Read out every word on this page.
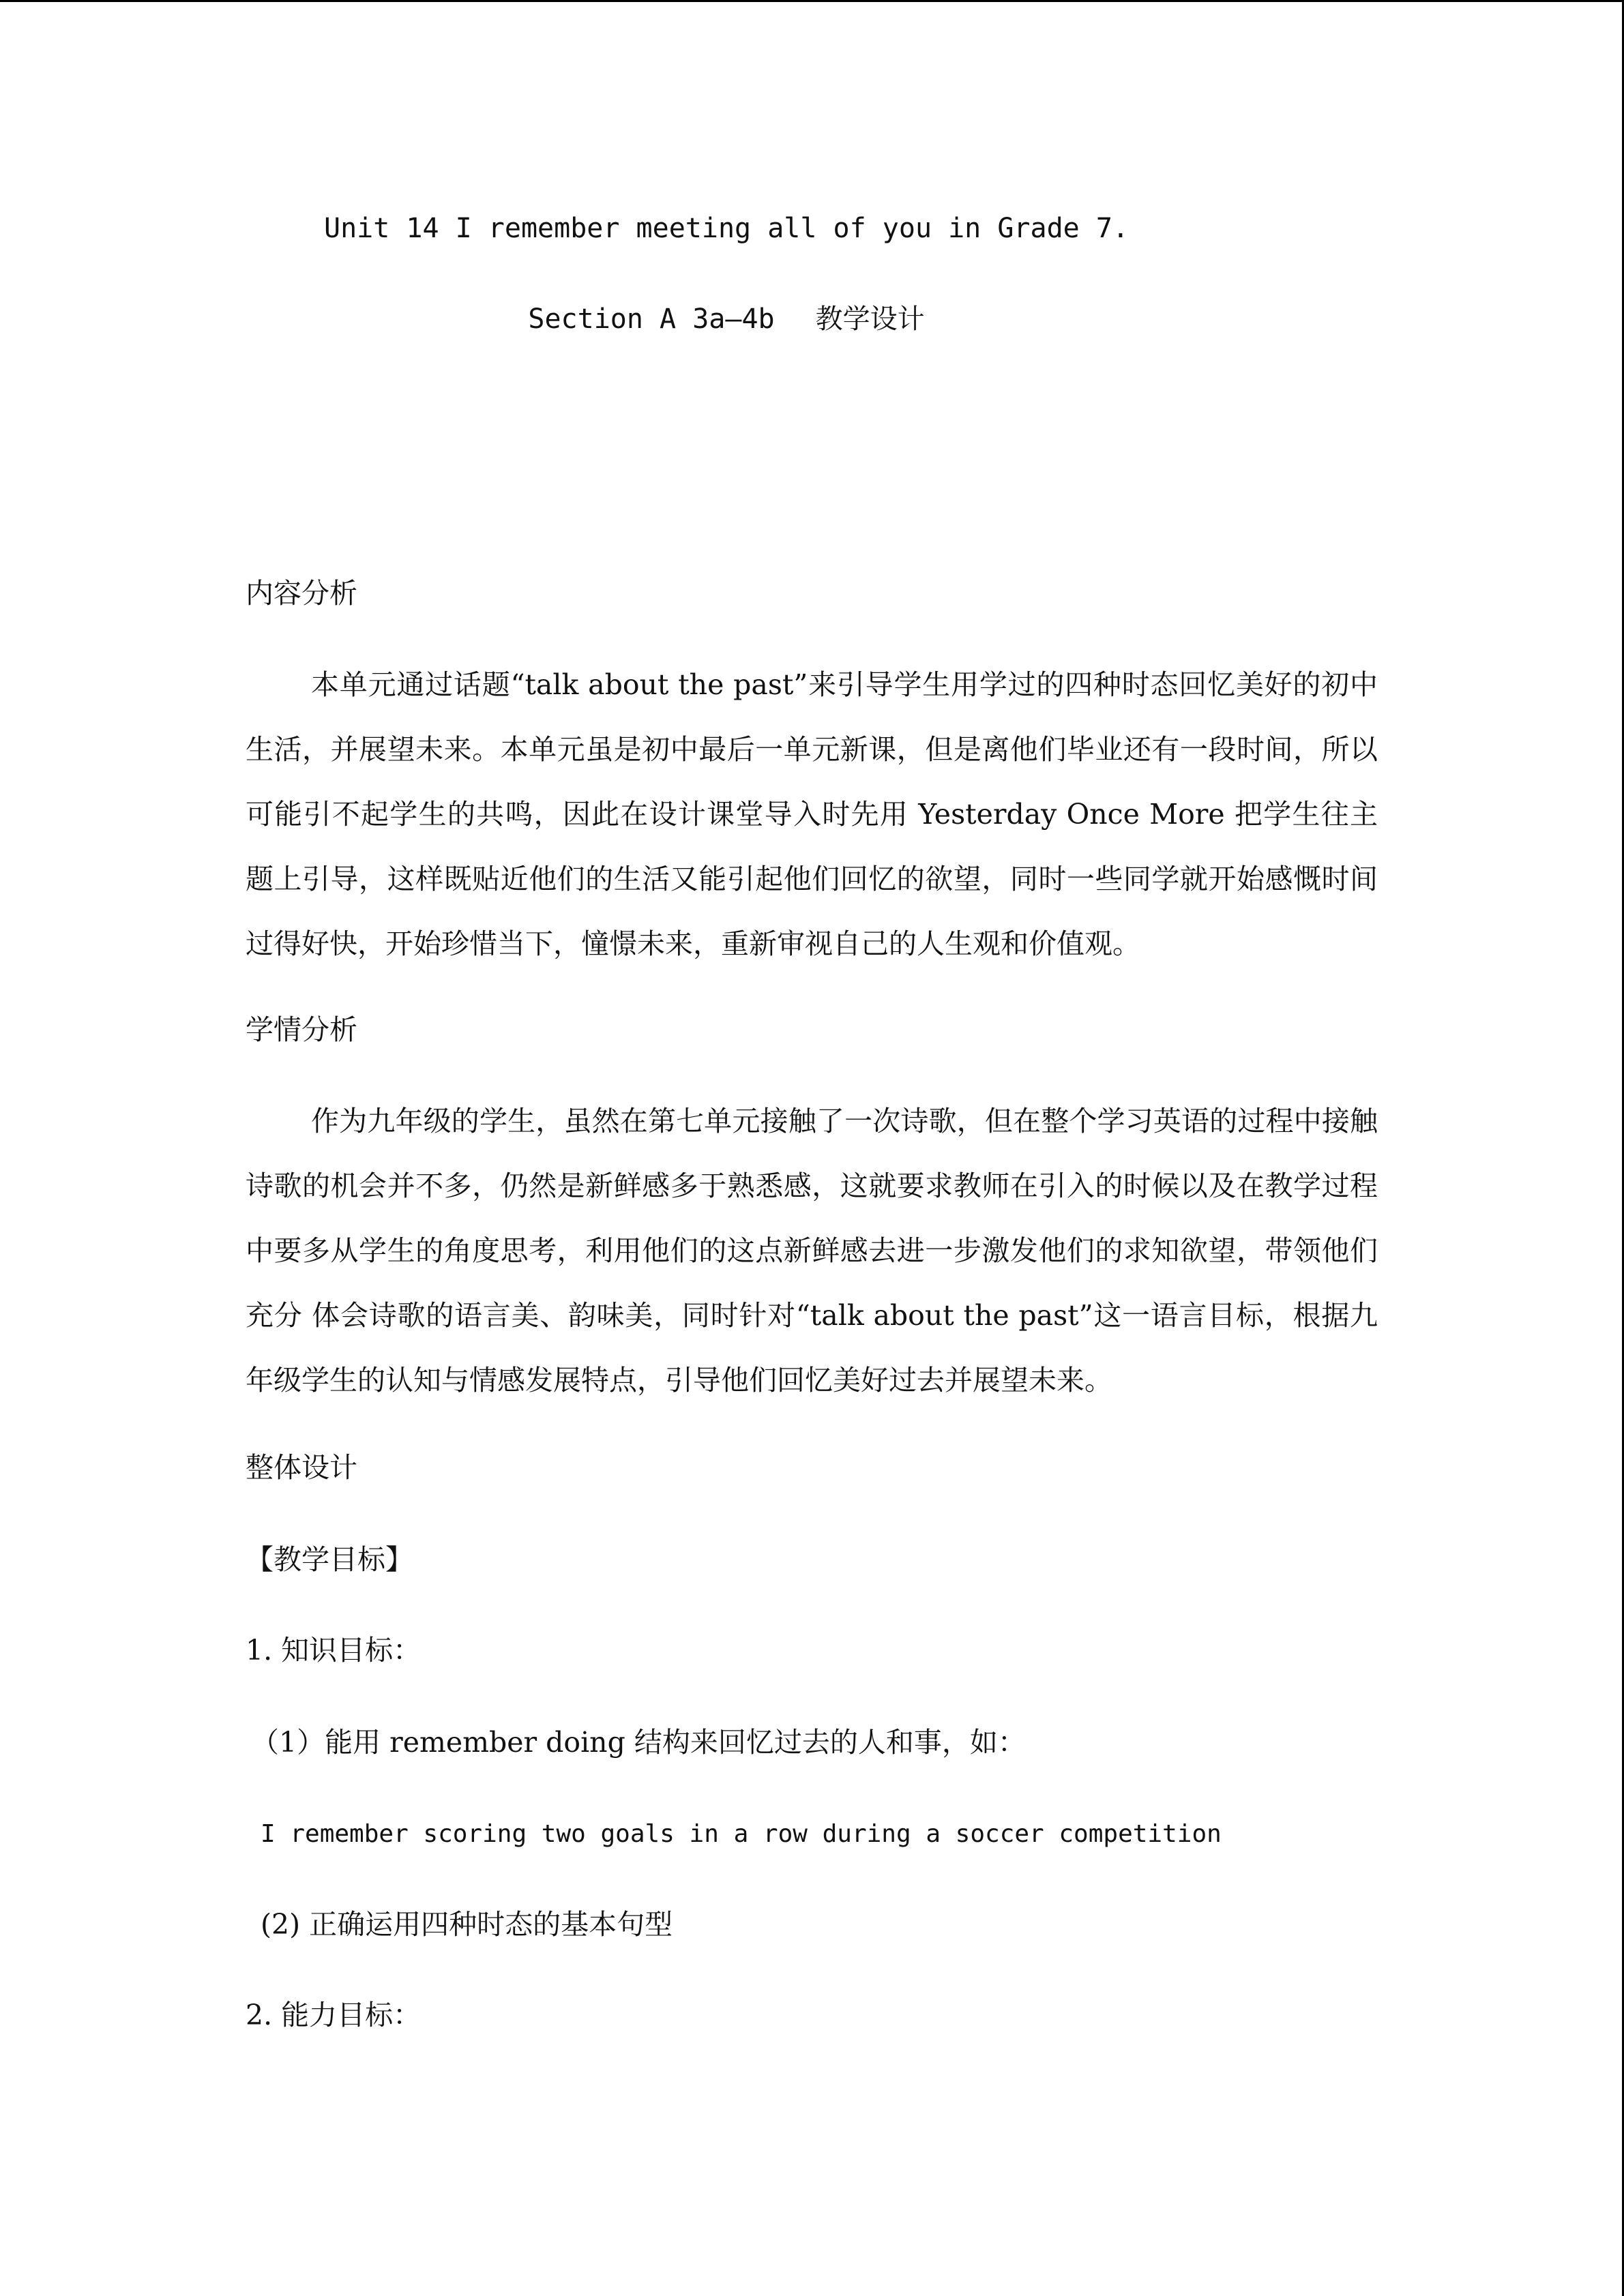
Unit 14 I remember meeting all of you in Grade 7.
Section A 3a–4b 教学设计
内容分析
本单元通过话题“talk about the past”来引导学生用学过的四种时态回忆美好的初中生活，并展望未来。本单元虽是初中最后一单元新课，但是离他们毕业还有一段时间，所以可能引不起学生的共鸣，因此在设计课堂导入时先用 Yesterday Once More 把学生往主题上引导，这样既贴近他们的生活又能引起他们回忆的欲望，同时一些同学就开始感慨时间过得好快，开始珍惜当下，憧憬未来，重新审视自己的人生观和价值观。
学情分析
作为九年级的学生，虽然在第七单元接触了一次诗歌，但在整个学习英语的过程中接触诗歌的机会并不多，仍然是新鲜感多于熟悉感，这就要求教师在引入的时候以及在教学过程中要多从学生的角度思考，利用他们的这点新鲜感去进一步激发他们的求知欲望，带领他们充分 体会诗歌的语言美、韵味美，同时针对“talk about the past”这一语言目标，根据九年级学生的认知与情感发展特点，引导他们回忆美好过去并展望未来。
整体设计
【教学目标】
1. 知识目标：
（1）能用 remember doing 结构来回忆过去的人和事，如：
I remember scoring two goals in a row during a soccer competition
(2) 正确运用四种时态的基本句型
2. 能力目标：
